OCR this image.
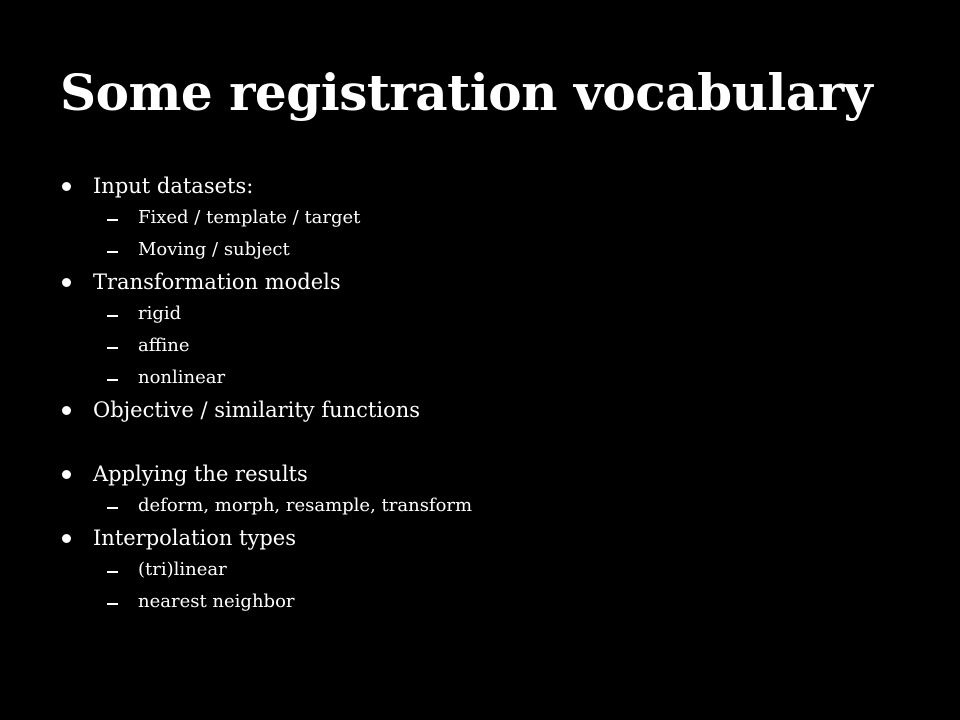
Some registration vocabulary
Input datasets:
Fixed / template / target
Moving / subject
Transformation models
rigid
affine
nonlinear
Objective / similarity functions
Applying the results
deform, morph, resample, transform
Interpolation types
(tri)linear
nearest neighbor
